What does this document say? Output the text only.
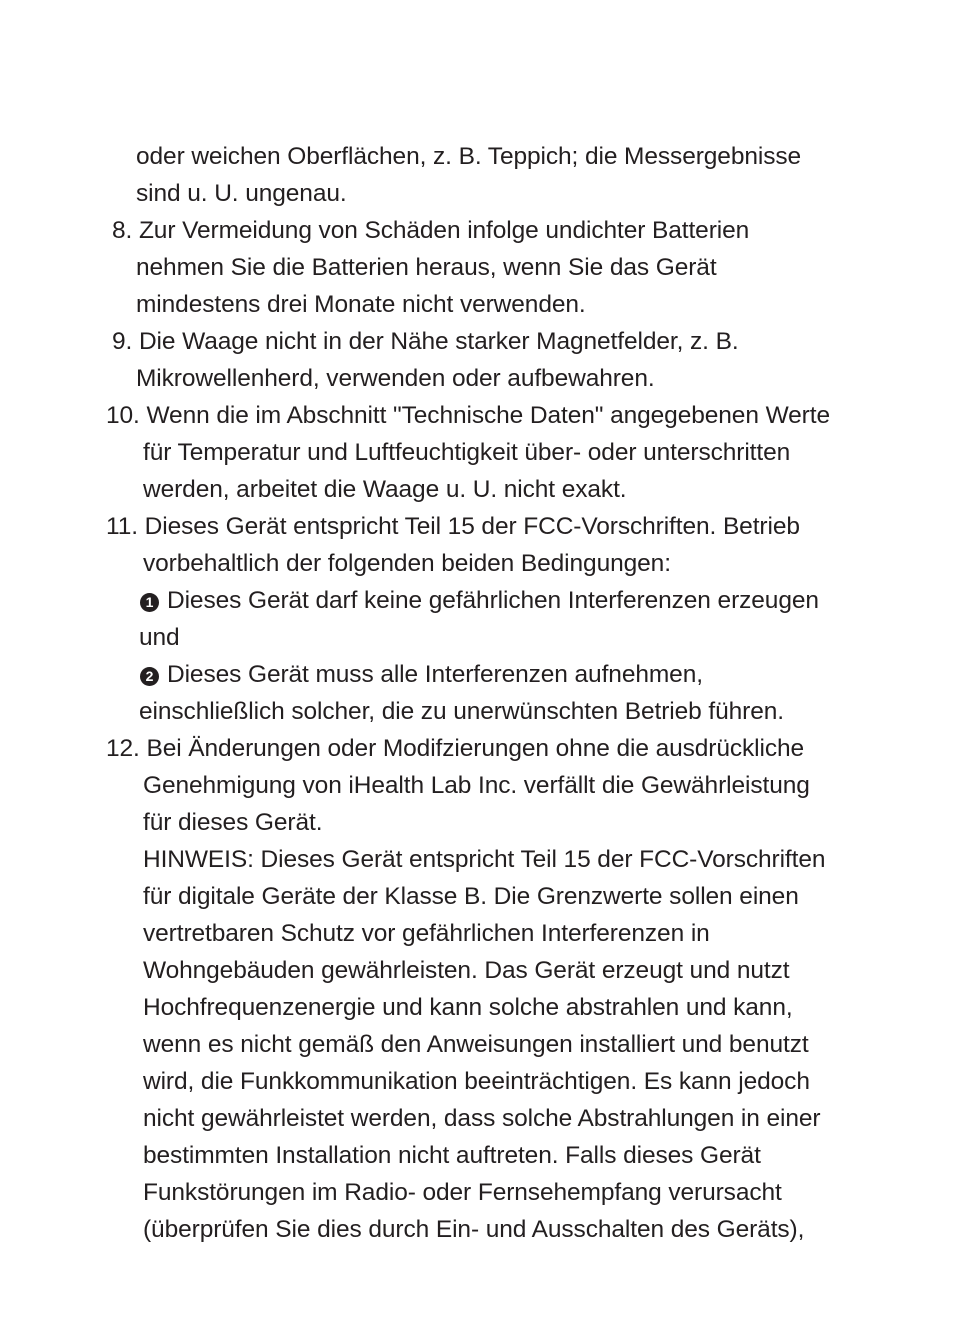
oder weichen Oberflächen, z. B. Teppich; die Messergebnisse
sind u. U. ungenau.
8. Zur Vermeidung von Schäden infolge undichter Batterien
nehmen Sie die Batterien heraus, wenn Sie das Gerät
mindestens drei Monate nicht verwenden.
9. Die Waage nicht in der Nähe starker Magnetfelder, z. B.
Mikrowellenherd, verwenden oder aufbewahren.
10. Wenn die im Abschnitt "Technische Daten" angegebenen Werte
für Temperatur und Luftfeuchtigkeit über- oder unterschritten
werden, arbeitet die Waage u. U. nicht exakt.
11. Dieses Gerät entspricht Teil 15 der FCC-Vorschriften. Betrieb
vorbehaltlich der folgenden beiden Bedingungen:
1 Dieses Gerät darf keine gefährlichen Interferenzen erzeugen
und
2 Dieses Gerät muss alle Interferenzen aufnehmen,
einschließlich solcher, die zu unerwünschten Betrieb führen.
12. Bei Änderungen oder Modifzierungen ohne die ausdrückliche
Genehmigung von iHealth Lab Inc. verfällt die Gewährleistung
für dieses Gerät.
HINWEIS: Dieses Gerät entspricht Teil 15 der FCC-Vorschriften
für digitale Geräte der Klasse B. Die Grenzwerte sollen einen
vertretbaren Schutz vor gefährlichen Interferenzen in
Wohngebäuden gewährleisten. Das Gerät erzeugt und nutzt
Hochfrequenzenergie und kann solche abstrahlen und kann,
wenn es nicht gemäß den Anweisungen installiert und benutzt
wird, die Funkkommunikation beeinträchtigen. Es kann jedoch
nicht gewährleistet werden, dass solche Abstrahlungen in einer
bestimmten Installation nicht auftreten. Falls dieses Gerät
Funkstörungen im Radio- oder Fernsehempfang verursacht
(überprüfen Sie dies durch Ein- und Ausschalten des Geräts),
